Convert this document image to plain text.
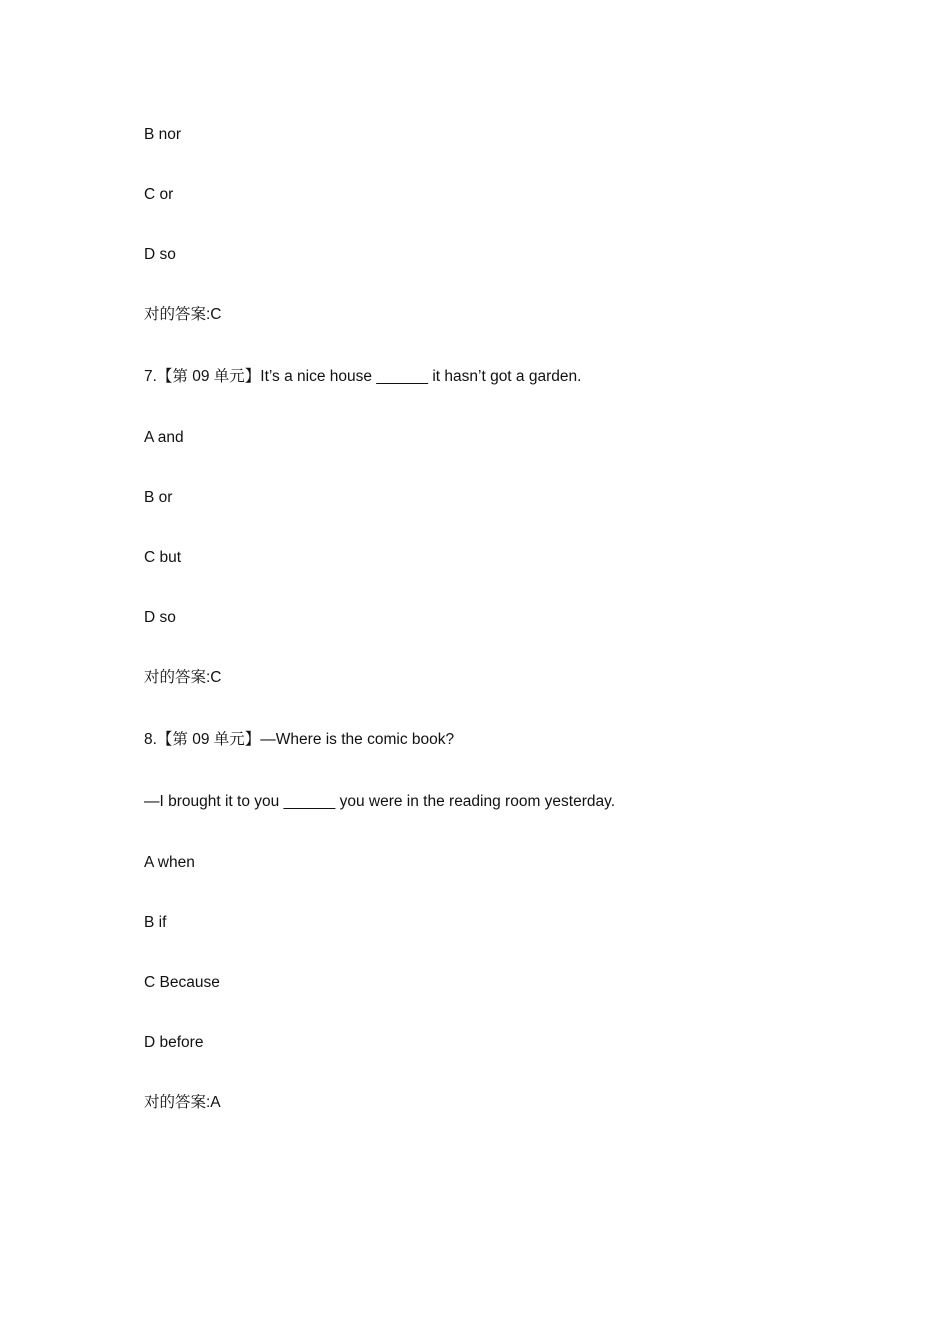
B nor
C or
D so
对的答案:C
7.【第 09 单元】It’s a nice house ______ it hasn’t got a garden.
A and
B or
C but
D so
对的答案:C
8.【第 09 单元】—Where is the comic book?
—I brought it to you ______ you were in the reading room yesterday.
A when
B if
C Because
D before
对的答案:A
